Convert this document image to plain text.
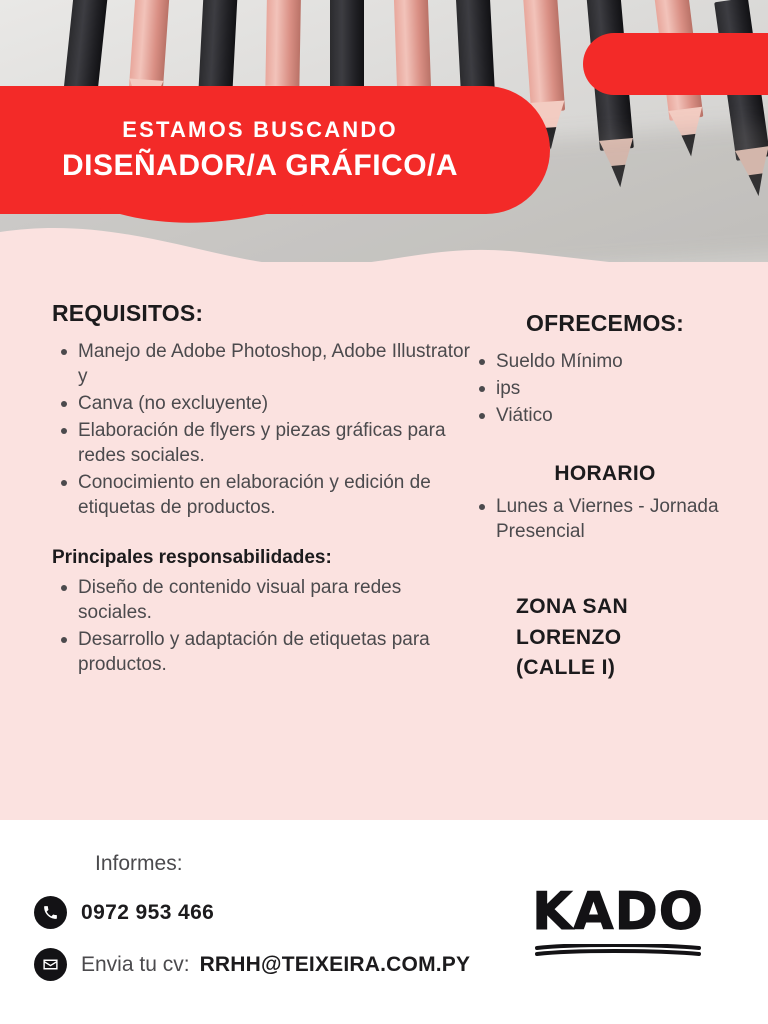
ESTAMOS BUSCANDO
DISEÑADOR/A GRÁFICO/A
REQUISITOS:
Manejo de Adobe Photoshop, Adobe Illustrator y
Canva (no excluyente)
Elaboración de flyers y piezas gráficas para redes sociales.
Conocimiento en elaboración y edición de etiquetas de productos.
Principales responsabilidades:
Diseño de contenido visual para redes sociales.
Desarrollo y adaptación de etiquetas para productos.
OFRECEMOS:
Sueldo Mínimo
ips
Viático
HORARIO
Lunes a Viernes - Jornada Presencial
ZONA SAN
LORENZO
(CALLE I)
Informes:
0972 953 466
Envia tu cv: RRHH@TEIXEIRA.COM.PY
KADO
